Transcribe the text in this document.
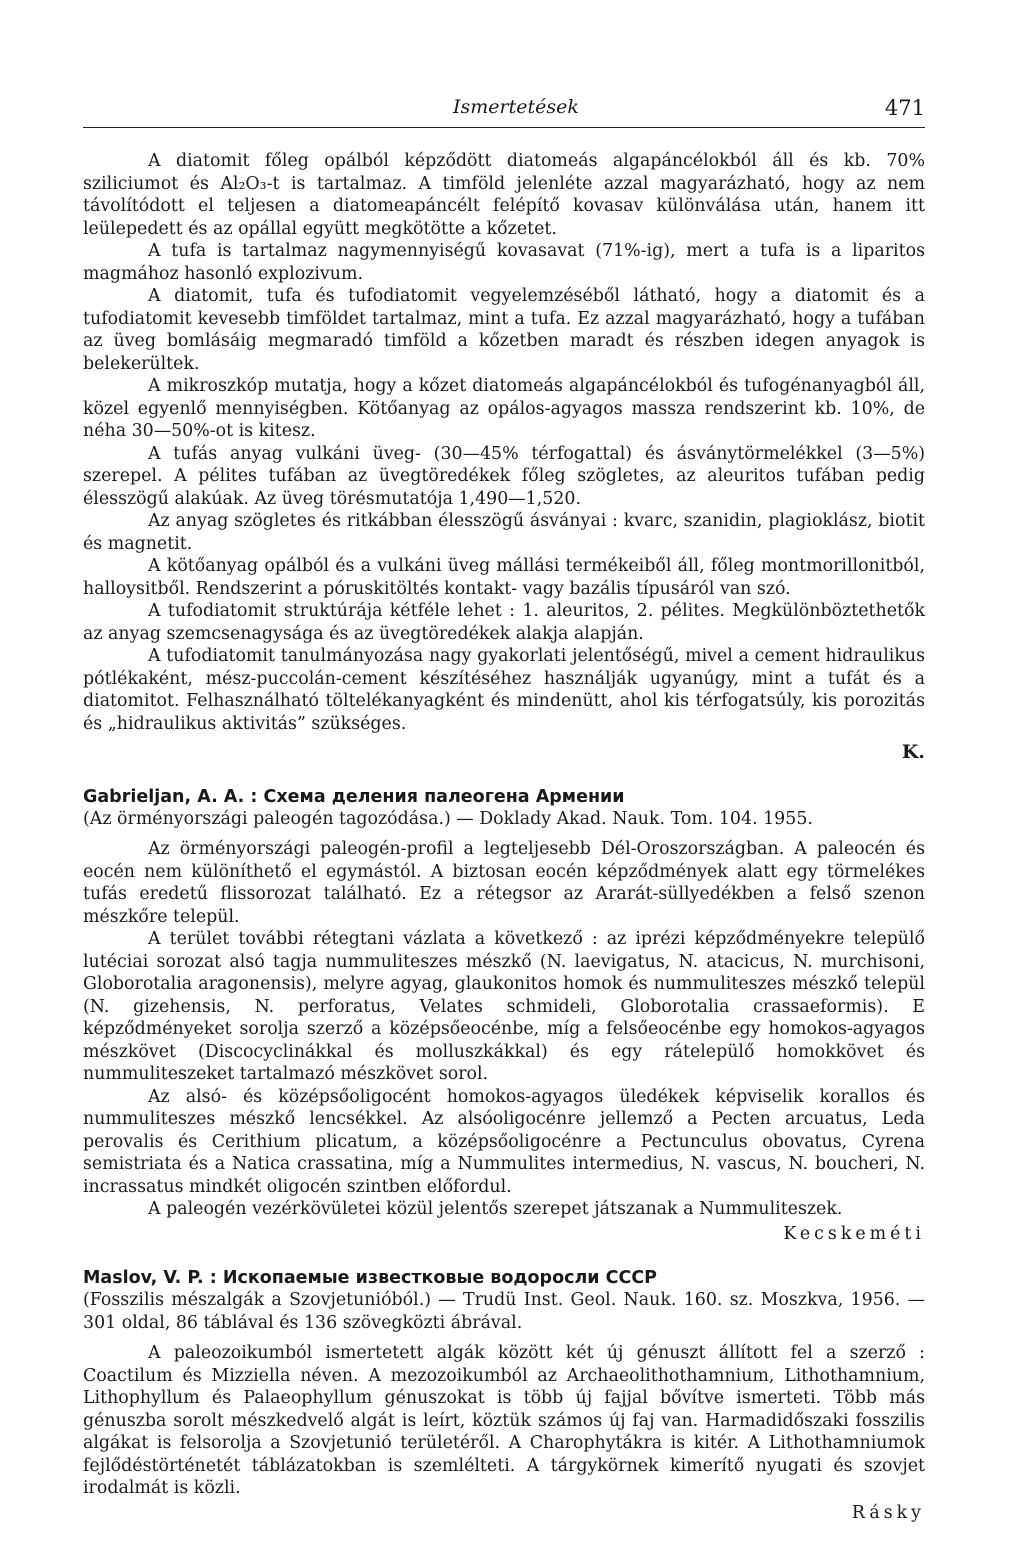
Ismertetések	471

A diatomit főleg opálból képződött diatomeás algapáncélokból áll és kb. 70% sziliciumot és Al₂O₃-t is tartalmaz. A timföld jelenléte azzal magyarázható, hogy az nem távolítódott el teljesen a diatomeapáncélt felépítő kovasav különválása után, hanem itt leülepedett és az opállal együtt megkötötte a kőzetet.

A tufa is tartalmaz nagymennyiségű kovasavat (71%-ig), mert a tufa is a liparitos magmához hasonló explozivum.

A diatomit, tufa és tufodiatomit vegyelemzéséből látható, hogy a diatomit és a tufodiatomit kevesebb timföldet tartalmaz, mint a tufa. Ez azzal magyarázható, hogy a tufában az üveg bomlásáig megmaradó timföld a kőzetben maradt és részben idegen anyagok is belekerültek.

A mikroszkóp mutatja, hogy a kőzet diatomeás algapáncélokból és tufogénanyagból áll, közel egyenlő mennyiségben. Kötőanyag az opálos-agyagos massza rendszerint kb. 10%, de néha 30—50%-ot is kitesz.

A tufás anyag vulkáni üveg- (30—45% térfogattal) és ásványtörmelékkel (3—5%) szerepel. A pélites tufában az üvegtöredékek főleg szögletes, az aleuritos tufában pedig élesszögű alakúak. Az üveg törésmutatója 1,490—1,520.

Az anyag szögletes és ritkábban élesszögű ásványai : kvarc, szanidin, plagioklász, biotit és magnetit.

A kötőanyag opálból és a vulkáni üveg mállási termékeiből áll, főleg montmorillonitból, halloysitből. Rendszerint a póruskitöltés kontakt- vagy bazális típusáról van szó.

A tufodiatomit struktúrája kétféle lehet : 1. aleuritos, 2. pélites. Megkülönböztethetők az anyag szemcsenagysága és az üvegtöredékek alakja alapján.

A tufodiatomit tanulmányozása nagy gyakorlati jelentőségű, mivel a cement hidraulikus pótlékaként, mész-puccolán-cement készítéséhez használják ugyanúgy, mint a tufát és a diatomitot. Felhasználható töltelékanyagként és mindenütt, ahol kis térfogatsúly, kis porozitás és „hidraulikus aktivitás” szükséges.

K.

Gabrieljan, A. A. : Схема деления палеогена Армении

(Az örményországi paleogén tagozódása.) — Doklady Akad. Nauk. Tom. 104. 1955.

Az örményországi paleogén-profil a legteljesebb Dél-Oroszországban. A paleocén és eocén nem különíthető el egymástól. A biztosan eocén képződmények alatt egy törmelékes tufás eredetű flissorozat található. Ez a rétegsor az Ararát-süllyedékben a felső szenon mészkőre települ.

A terület további rétegtani vázlata a következő : az iprézi képződményekre települő lutéciai sorozat alsó tagja nummuliteszes mészkő (N. laevigatus, N. atacicus, N. murchisoni, Globorotalia aragonensis), melyre agyag, glaukonitos homok és nummuliteszes mészkő települ (N. gizehensis, N. perforatus, Velates schmideli, Globorotalia crassaeformis). E képződményeket sorolja szerző a középsőeocénbe, míg a felsőeocénbe egy homokos-agyagos mészkövet (Discocyclinákkal és molluszkákkal) és egy rátelepülő homokkövet és nummuliteszeket tartalmazó mészkövet sorol.

Az alsó- és középsőoligocént homokos-agyagos üledékek képviselik korallos és nummuliteszes mészkő lencsékkel. Az alsóoligocénre jellemző a Pecten arcuatus, Leda perovalis és Cerithium plicatum, a középsőoligocénre a Pectunculus obovatus, Cyrena semistriata és a Natica crassatina, míg a Nummulites intermedius, N. vascus, N. boucheri, N. incrassatus mindkét oligocén szintben előfordul.

A paleogén vezérkövületei közül jelentős szerepet játszanak a Nummuliteszek.

Kecskeméti

Maslov, V. P. : Ископаемые известковые водоросли СССР

(Fosszilis mészalgák a Szovjetunióból.) — Trudü Inst. Geol. Nauk. 160. sz. Moszkva, 1956. — 301 oldal, 86 táblával és 136 szövegközti ábrával.

A paleozoikumból ismertetett algák között két új génuszt állított fel a szerző : Coactilum és Mizziella néven. A mezozoikumból az Archaeolithothamnium, Lithothamnium, Lithophyllum és Palaeophyllum génuszokat is több új fajjal bővítve ismerteti. Több más génuszba sorolt mészkedvelő algát is leírt, köztük számos új faj van. Harmadidőszaki fosszilis algákat is felsorolja a Szovjetunió területéről. A Charophytákra is kitér. A Lithothamniumok fejlődéstörténetét táblázatokban is szemlélteti. A tárgykörnek kimerítő nyugati és szovjet irodalmát is közli.

Rásky
